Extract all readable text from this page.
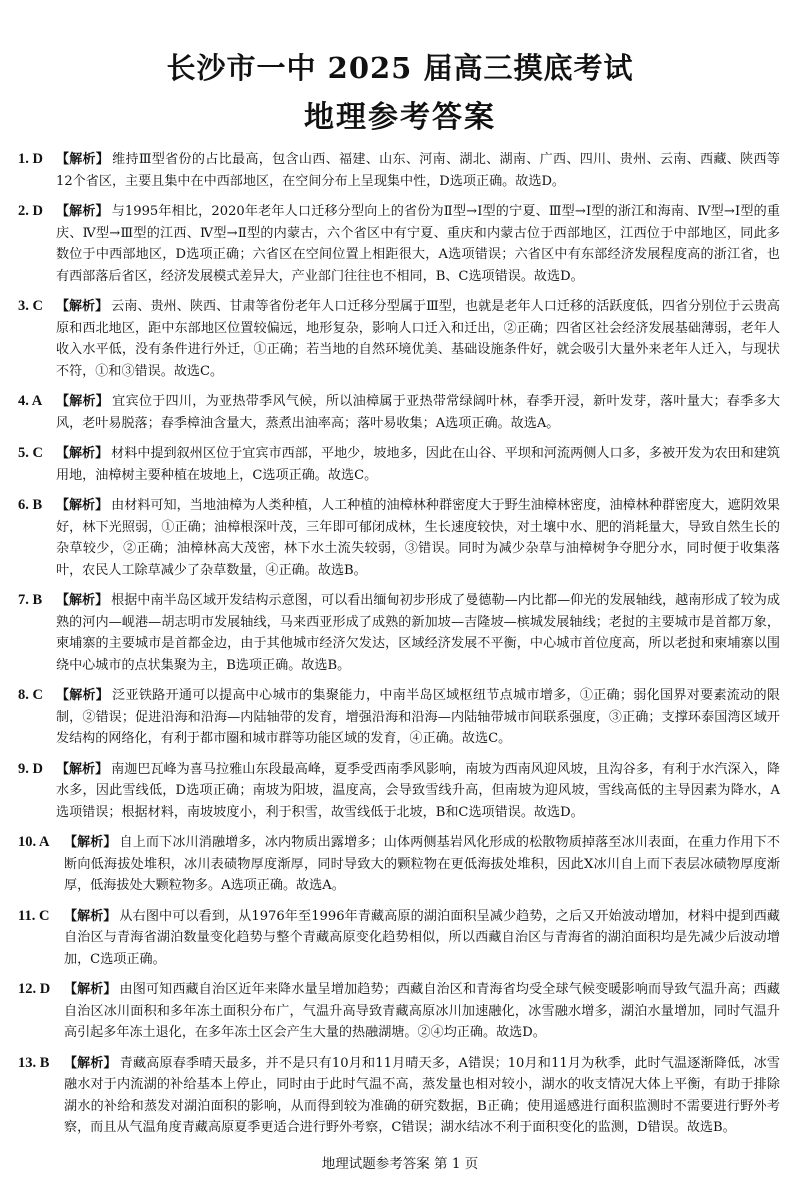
长沙市一中 2025 届高三摸底考试
地理参考答案
1. D 【解析】 维持Ⅲ型省份的占比最高，包含山西、福建、山东、河南、湖北、湖南、广西、四川、贵州、云南、西藏、陕西等12个省区，主要且集中在中西部地区，在空间分布上呈现集中性，D选项正确。故选D。
2. D 【解析】 与1995年相比，2020年老年人口迁移分型向上的省份为Ⅱ型→Ⅰ型的宁夏、Ⅲ型→Ⅰ型的浙江和海南、Ⅳ型→Ⅰ型的重庆、Ⅳ型→Ⅲ型的江西、Ⅳ型→Ⅱ型的内蒙古，六个省区中有宁夏、重庆和内蒙古位于西部地区，江西位于中部地区，同此多数位于中西部地区，D选项正确；六省区在空间位置上相距很大，A选项错误；六省区中有东部经济发展程度高的浙江省，也有西部落后省区，经济发展模式差异大，产业部门往往也不相同，B、C选项错误。故选D。
3. C 【解析】 云南、贵州、陕西、甘肃等省份老年人口迁移分型属于Ⅲ型，也就是老年人口迁移的活跃度低，四省分别位于云贵高原和西北地区，距中东部地区位置较偏远，地形复杂，影响人口迁入和迁出，②正确；四省区社会经济发展基础薄弱，老年人收入水平低，没有条件进行外迁，①正确；若当地的自然环境优美、基础设施条件好，就会吸引大量外来老年人迁入，与现状不符，①和③错误。故选C。
4. A 【解析】 宜宾位于四川，为亚热带季风气候，所以油樟属于亚热带常绿阔叶林，春季开浸，新叶发芽，落叶量大；春季多大风，老叶易脱落；春季樟油含量大，蒸煮出油率高；落叶易收集；A选项正确。故选A。
5. C 【解析】 材料中提到叙州区位于宜宾市西部，平地少，坡地多，因此在山谷、平坝和河流两侧人口多，多被开发为农田和建筑用地，油樟树主要种植在坡地上，C选项正确。故选C。
6. B 【解析】 由材料可知，当地油樟为人类种植，人工种植的油樟林种群密度大于野生油樟林密度，油樟林种群密度大，遮阴效果好，林下光照弱，①正确；油樟根深叶茂，三年即可郁闭成林，生长速度较快，对土壤中水、肥的消耗量大，导致自然生长的杂草较少，②正确；油樟林高大茂密，林下水土流失较弱，③错误。同时为减少杂草与油樟树争夺肥分水，同时便于收集落叶，农民人工除草减少了杂草数量，④正确。故选B。
7. B 【解析】 根据中南半岛区域开发结构示意图，可以看出缅甸初步形成了曼德勒—内比都—仰光的发展轴线，越南形成了较为成熟的河内—岘港—胡志明市发展轴线，马来西亚形成了成熟的新加坡—吉隆坡—槟城发展轴线；老挝的主要城市是首都万象，柬埔寨的主要城市是首都金边，由于其他城市经济欠发达，区域经济发展不平衡，中心城市首位度高，所以老挝和柬埔寨以围绕中心城市的点状集聚为主，B选项正确。故选B。
8. C 【解析】 泛亚铁路开通可以提高中心城市的集聚能力，中南半岛区域枢纽节点城市增多，①正确；弱化国界对要素流动的限制，②错误；促进沿海和沿海—内陆轴带的发育，增强沿海和沿海—内陆轴带城市间联系强度，③正确；支撑环泰国湾区域开发结构的网络化，有利于都市圈和城市群等功能区域的发育，④正确。故选C。
9. D 【解析】 南迦巴瓦峰为喜马拉雅山东段最高峰，夏季受西南季风影响，南坡为西南风迎风坡，且沟谷多，有利于水汽深入，降水多，因此雪线低，D选项正确；南坡为阳坡，温度高，会导致雪线升高，但南坡为迎风坡，雪线高低的主导因素为降水，A选项错误；根据材料，南坡坡度小，利于积雪，故雪线低于北坡，B和C选项错误。故选D。
10. A 【解析】 自上而下冰川消融增多，冰内物质出露增多；山体两侧基岩风化形成的松散物质掉落至冰川表面，在重力作用下不断向低海拔处堆积，冰川表碛物厚度渐厚，同时导致大的颗粒物在更低海拔处堆积，因此X冰川自上而下表层冰碛物厚度渐厚，低海拔处大颗粒物多。A选项正确。故选A。
11. C 【解析】 从右图中可以看到，从1976年至1996年青藏高原的湖泊面积呈减少趋势，之后又开始波动增加，材料中提到西藏自治区与青海省湖泊数量变化趋势与整个青藏高原变化趋势相似，所以西藏自治区与青海省的湖泊面积均是先减少后波动增加，C选项正确。
12. D 【解析】 由图可知西藏自治区近年来降水量呈增加趋势；西藏自治区和青海省均受全球气候变暖影响而导致气温升高；西藏自治区冰川面积和多年冻土面积分布广，气温升高导致青藏高原冰川加速融化，冰雪融水增多，湖泊水量增加，同时气温升高引起多年冻土退化，在多年冻土区会产生大量的热融湖塘。②④均正确。故选D。
13. B 【解析】 青藏高原春季晴天最多，并不是只有10月和11月晴天多，A错误；10月和11月为秋季，此时气温逐渐降低，冰雪融水对于内流湖的补给基本上停止，同时由于此时气温不高，蒸发量也相对较小，湖水的收支情况大体上平衡，有助于排除湖水的补给和蒸发对湖泊面积的影响，从而得到较为准确的研究数据，B正确；使用遥感进行面积监测时不需要进行野外考察，而且从气温角度青藏高原夏季更适合进行野外考察，C错误；湖水结冰不利于面积变化的监测，D错误。故选B。
地理试题参考答案 第 1 页
